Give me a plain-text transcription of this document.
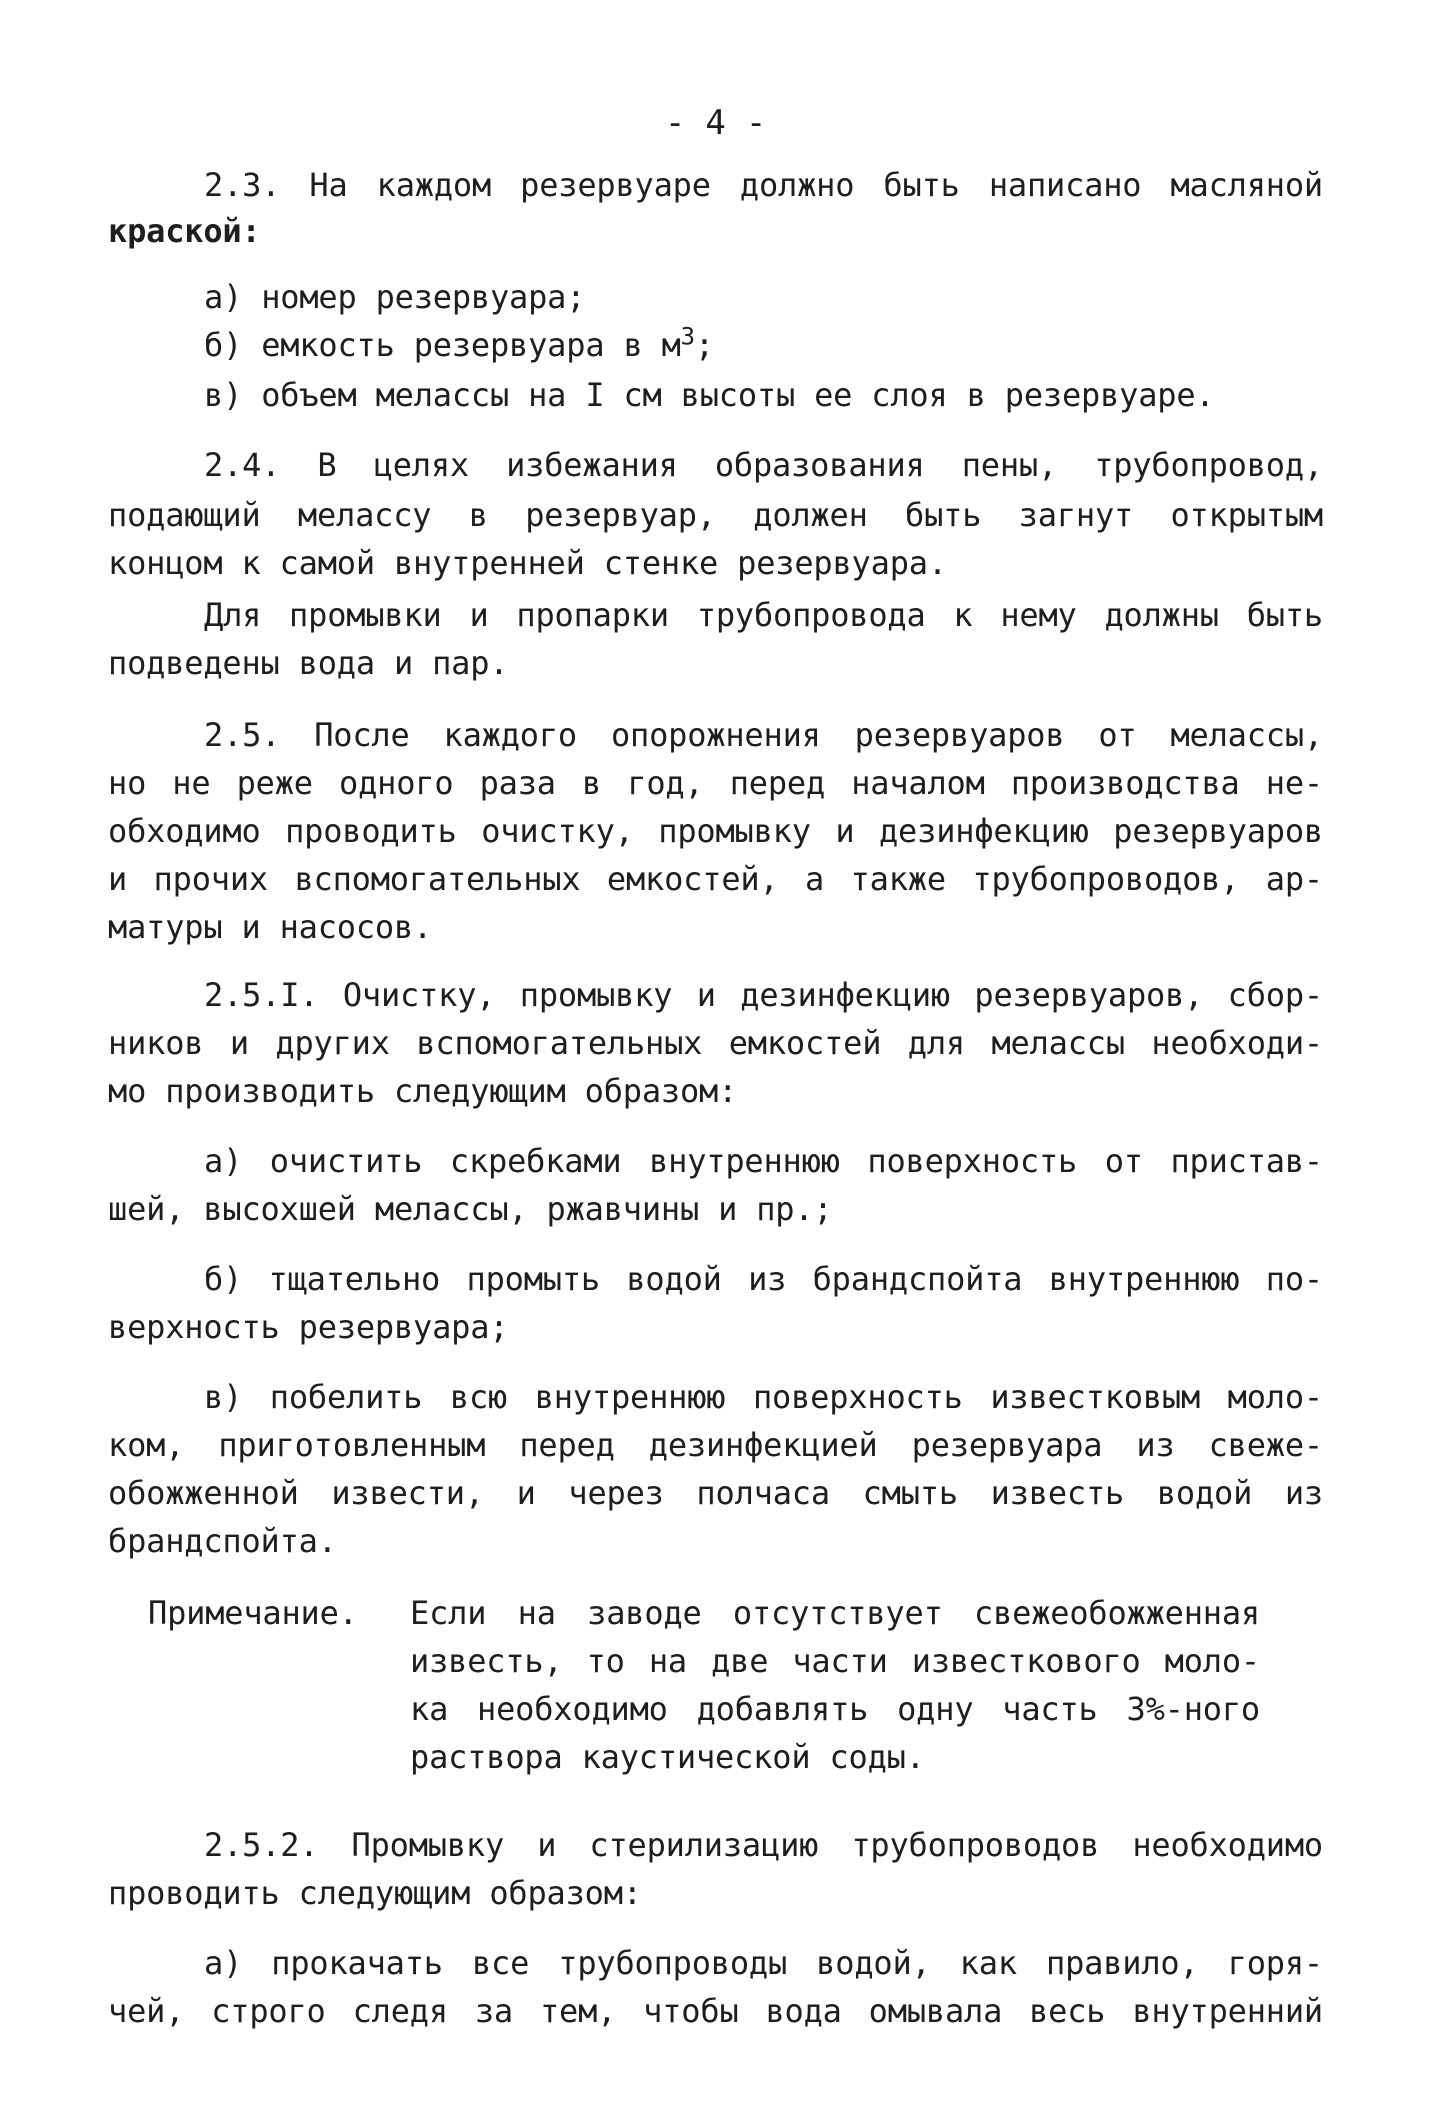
- 4 -
2.3. На каждом резервуаре должно быть написано масляной
краской:
а) номер резервуара;
б) емкость резервуара в $м^3$;
в) объем мелассы на I см высоты ее слоя в резервуаре.
2.4. В целях избежания образования пены, трубопровод,
подающий мелассу в резервуар, должен быть загнут открытым
концом к самой внутренней стенке резервуара.
Для промывки и пропарки трубопровода к нему должны быть
подведены вода и пар.
2.5. После каждого опорожнения резервуаров от мелассы,
но не реже одного раза в год, перед началом производства не-
обходимо проводить очистку, промывку и дезинфекцию резервуаров
и прочих вспомогательных емкостей, а также трубопроводов, ар-
матуры и насосов.
2.5.I. Очистку, промывку и дезинфекцию резервуаров, сбор-
ников и других вспомогательных емкостей для мелассы необходи-
мо производить следующим образом:
а) очистить скребками внутреннюю поверхность от пристав-
шей, высохшей мелассы, ржавчины и пр.;
б) тщательно промыть водой из брандспойта внутреннюю по-
верхность резервуара;
в) побелить всю внутреннюю поверхность известковым моло-
ком, приготовленным перед дезинфекцией резервуара из свеже-
обожженной извести, и через полчаса смыть известь водой из
брандспойта.
Примечание. Если на заводе отсутствует свежеобожженная
известь, то на две части известкового моло-
ка необходимо добавлять одну часть 3%-ного
раствора каустической соды.
2.5.2. Промывку и стерилизацию трубопроводов необходимо
проводить следующим образом:
а) прокачать все трубопроводы водой, как правило, горя-
чей, строго следя за тем, чтобы вода омывала весь внутренний
